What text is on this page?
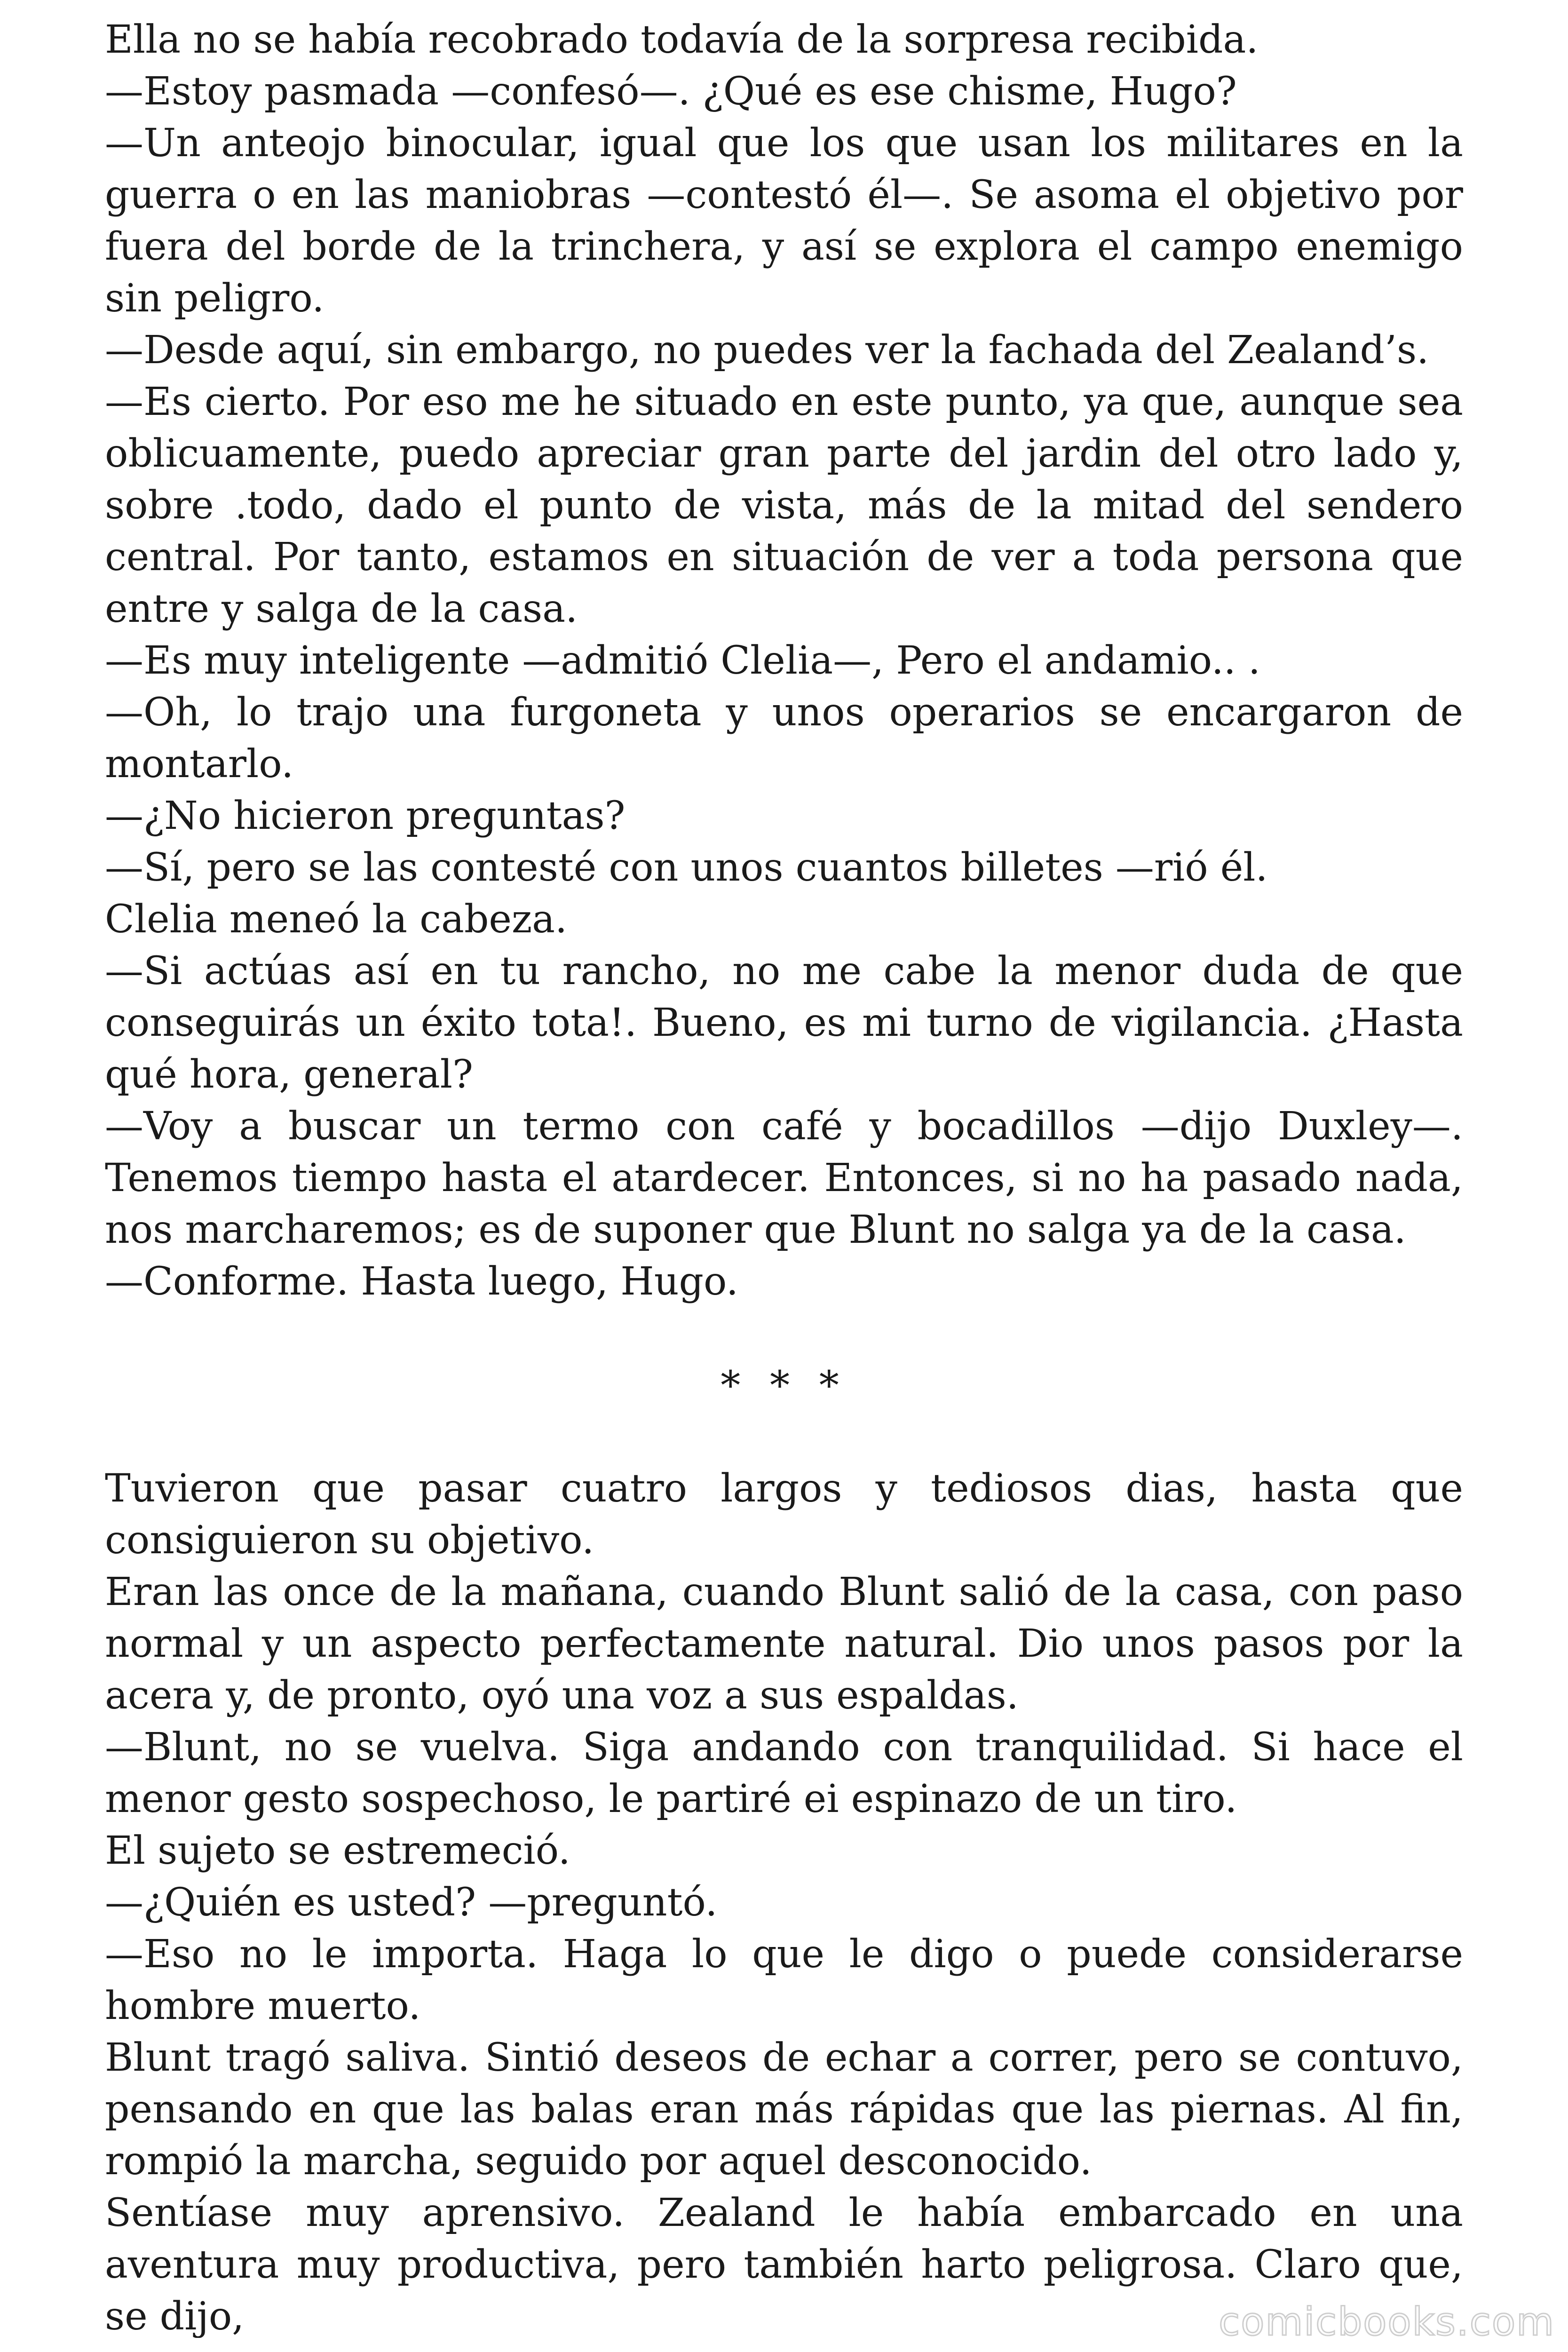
Ella no se había recobrado todavía de la sorpresa recibida.

—Estoy pasmada —confesó—. ¿Qué es ese chisme, Hugo?

—Un anteojo binocular, igual que los que usan los militares en la guerra o en las maniobras —contestó él—. Se asoma el objetivo por fuera del borde de la trinchera, y así se explora el campo enemigo sin peligro.

—Desde aquí, sin embargo, no puedes ver la fachada del Zealand’s.

—Es cierto. Por eso me he situado en este punto, ya que, aunque sea oblicuamente, puedo apreciar gran parte del jardin del otro lado y, sobre .todo, dado el punto de vista, más de la mitad del sendero central. Por tanto, estamos en situación de ver a toda persona que entre y salga de la casa.

—Es muy inteligente —admitió Clelia—, Pero el andamio.. .

—Oh, lo trajo una furgoneta y unos operarios se encargaron de montarlo.

—¿No hicieron preguntas?

—Sí, pero se las contesté con unos cuantos billetes —rió él.

Clelia meneó la cabeza.

—Si actúas así en tu rancho, no me cabe la menor duda de que conseguirás un éxito tota!. Bueno, es mi turno de vigilancia. ¿Hasta qué hora, general?

—Voy a buscar un termo con café y bocadillos —dijo Duxley—. Tenemos tiempo hasta el atardecer. Entonces, si no ha pasado nada, nos marcharemos; es de suponer que Blunt no salga ya de la casa.

—Conforme. Hasta luego, Hugo.

* * *

Tuvieron que pasar cuatro largos y tediosos dias, hasta que consiguieron su objetivo.

Eran las once de la mañana, cuando Blunt salió de la casa, con paso normal y un aspecto perfectamente natural. Dio unos pasos por la acera y, de pronto, oyó una voz a sus espaldas.

—Blunt, no se vuelva. Siga andando con tranquilidad. Si hace el menor gesto sospechoso, le partiré ei espinazo de un tiro.

El sujeto se estremeció.

—¿Quién es usted? —preguntó.

—Eso no le importa. Haga lo que le digo o puede considerarse hombre muerto.

Blunt tragó saliva. Sintió deseos de echar a correr, pero se contuvo, pensando en que las balas eran más rápidas que las piernas. Al fin, rompió la marcha, seguido por aquel desconocido.

Sentíase muy aprensivo. Zealand le había embarcado en una aventura muy productiva, pero también harto peligrosa. Claro que, se dijo,	comicbooks.com
